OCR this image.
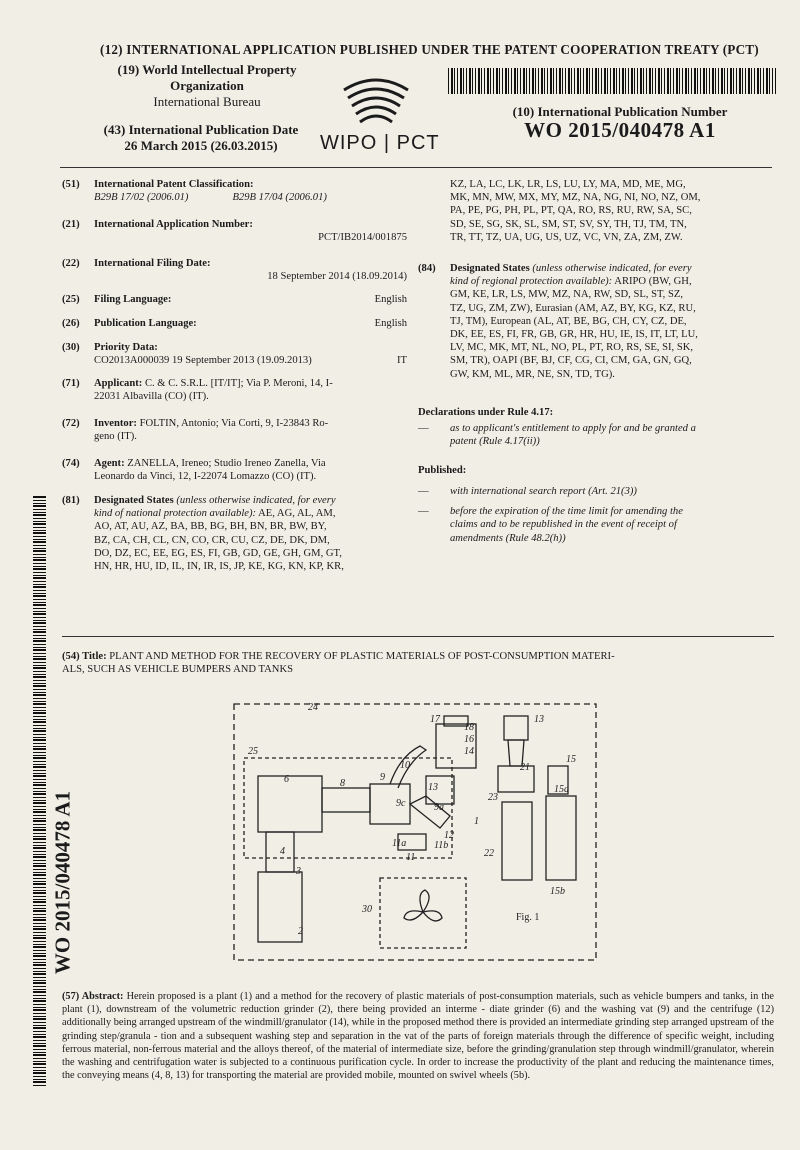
(12) INTERNATIONAL APPLICATION PUBLISHED UNDER THE PATENT COOPERATION TREATY (PCT)
(19) World Intellectual Property
Organization
International Bureau
(43) International Publication Date
26 March 2015 (26.03.2015)	WIPO | PCT
(10) International Publication Number
WO 2015/040478 A1
(51) International Patent Classification:
B29B 17/02 (2006.01)	B29B 17/04 (2006.01)
(21) International Application Number:
PCT/IB2014/001875
(22) International Filing Date:
18 September 2014 (18.09.2014)
(25) Filing Language:	English
(26) Publication Language:	English
(30) Priority Data:
CO2013A000039 19 September 2013 (19.09.2013)	IT
(71) Applicant: C. & C. S.R.L. [IT/IT]; Via P. Meroni, 14, I-
22031 Albavilla (CO) (IT).
(72) Inventor: FOLTIN, Antonio; Via Corti, 9, I-23843 Ro-
geno (IT).
(74) Agent: ZANELLA, Ireneo; Studio Ireneo Zanella, Via
Leonardo da Vinci, 12, I-22074 Lomazzo (CO) (IT).
(81) Designated States (unless otherwise indicated, for every
kind of national protection available): AE, AG, AL, AM,
AO, AT, AU, AZ, BA, BB, BG, BH, BN, BR, BW, BY,
BZ, CA, CH, CL, CN, CO, CR, CU, CZ, DE, DK, DM,
DO, DZ, EC, EE, EG, ES, FI, GB, GD, GE, GH, GM, GT,
HN, HR, HU, ID, IL, IN, IR, IS, JP, KE, KG, KN, KP, KR,
KZ, LA, LC, LK, LR, LS, LU, LY, MA, MD, ME, MG,
MK, MN, MW, MX, MY, MZ, NA, NG, NI, NO, NZ, OM,
PA, PE, PG, PH, PL, PT, QA, RO, RS, RU, RW, SA, SC,
SD, SE, SG, SK, SL, SM, ST, SV, SY, TH, TJ, TM, TN,
TR, TT, TZ, UA, UG, US, UZ, VC, VN, ZA, ZM, ZW.
(84) Designated States (unless otherwise indicated, for every
kind of regional protection available): ARIPO (BW, GH,
GM, KE, LR, LS, MW, MZ, NA, RW, SD, SL, ST, SZ,
TZ, UG, ZM, ZW), Eurasian (AM, AZ, BY, KG, KZ, RU,
TJ, TM), European (AL, AT, BE, BG, CH, CY, CZ, DE,
DK, EE, ES, FI, FR, GB, GR, HR, HU, IE, IS, IT, LT, LU,
LV, MC, MK, MT, NL, NO, PL, PT, RO, RS, SE, SI, SK,
SM, TR), OAPI (BF, BJ, CF, CG, CI, CM, GA, GN, GQ,
GW, KM, ML, MR, NE, SN, TD, TG).
Declarations under Rule 4.17:
— as to applicant's entitlement to apply for and be granted a
patent (Rule 4.17(ii))
Published:
— with international search report (Art. 21(3))
— before the expiration of the time limit for amending the
claims and to be republished in the event of receipt of
amendments (Rule 48.2(h))
WO 2015/040478 A1
(54) Title: PLANT AND METHOD FOR THE RECOVERY OF PLASTIC MATERIALS OF POST-CONSUMPTION MATERI-
ALS, SUCH AS VEHICLE BUMPERS AND TANKS
24
25
6	8
9
10
17
18
16
14
13
13
21
15
15a
15b
9c	9a
12
1
11
11a	11b
22
23
3
2
4
30
Fig. 1
(57) Abstract: Herein proposed is a plant (1) and a method for the recovery of plastic materials of post-consumption materials, such as vehicle bumpers and tanks, in the plant (1), downstream of the volumetric reduction grinder (2), there being provided an interme - diate grinder (6) and the washing vat (9) and the centrifuge (12) additionally being arranged upstream of the windmill/granulator (14), while in the proposed method there is provided an intermediate grinding step arranged upstream of the grinding step/granula - tion and a subsequent washing step and separation in the vat of the parts of foreign materials through the difference of specific weight, including ferrous material, non-ferrous material and the alloys thereof, of the material of intermediate size, before the grinding/granulation step through windmill/granulator, wherein the washing and centrifugation water is subjected to a continuous purification cycle. In order to increase the productivity of the plant and reducing the maintenance times, the conveying means (4, 8, 13) for transporting the material are provided mobile, mounted on swivel wheels (5b).
